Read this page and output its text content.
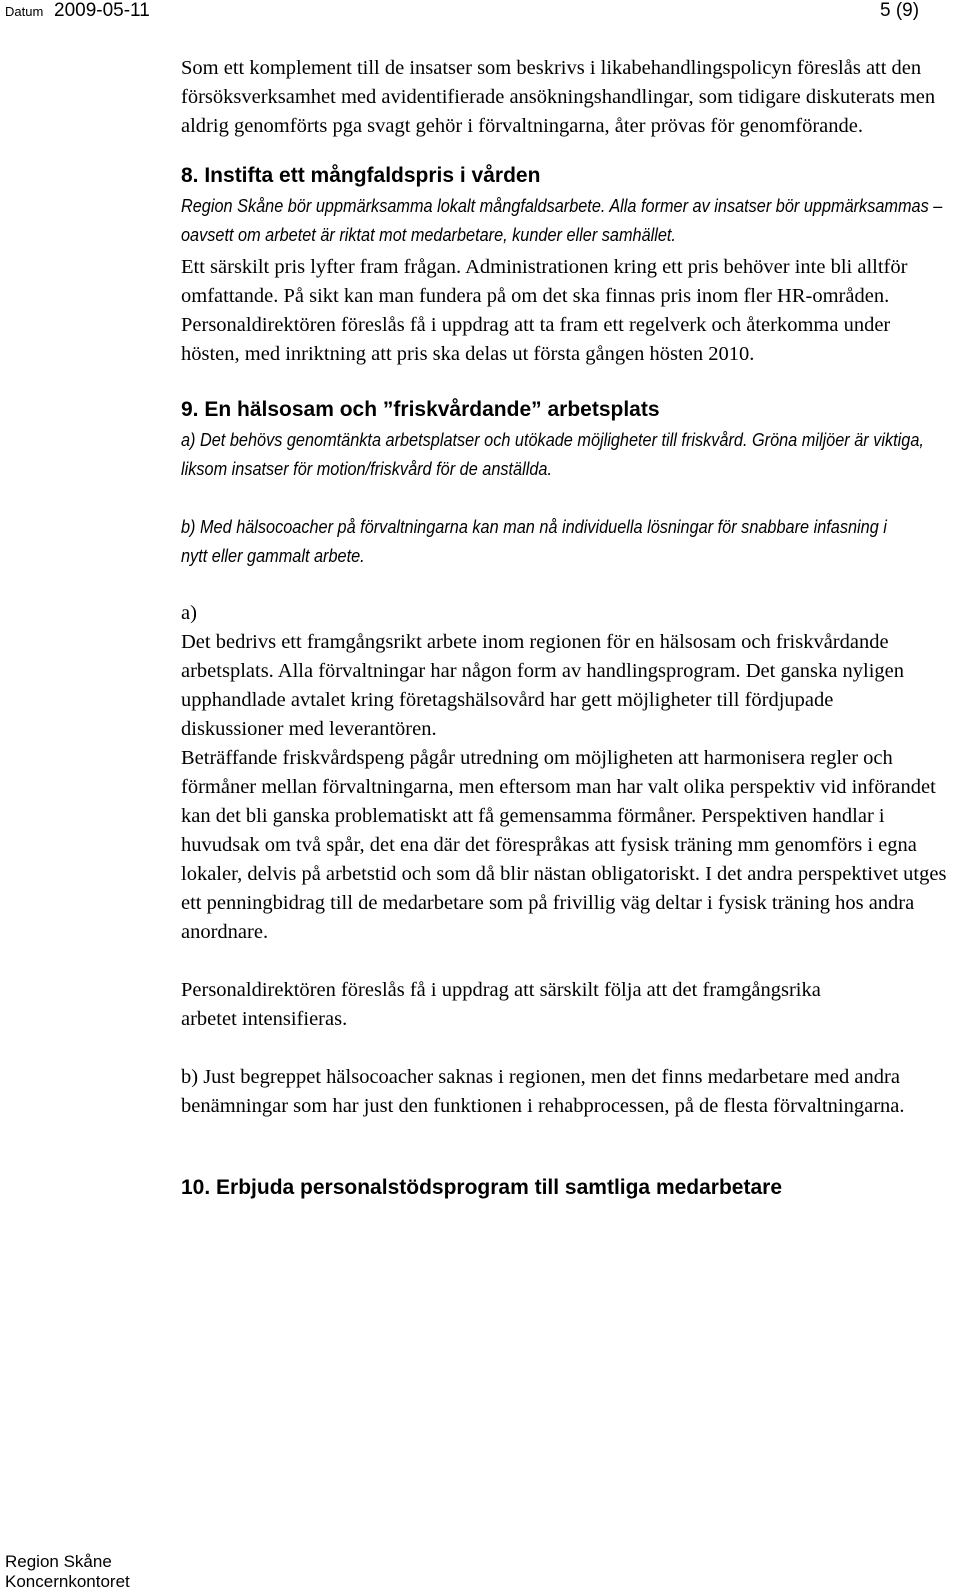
Datum 2009-05-11	5 (9)

Som ett komplement till de insatser som beskrivs i likabehandlingspolicyn föreslås att den försöksverksamhet med avidentifierade ansökningshandlingar, som tidigare diskuterats men aldrig genomförts pga svagt gehör i förvaltningarna, åter prövas för genomförande.

8. Instifta ett mångfaldspris i vården

Region Skåne bör uppmärksamma lokalt mångfaldsarbete. Alla former av insatser bör uppmärksammas – oavsett om arbetet är riktat mot medarbetare, kunder eller samhället.

Ett särskilt pris lyfter fram frågan. Administrationen kring ett pris behöver inte bli alltför omfattande. På sikt kan man fundera på om det ska finnas pris inom fler HR-områden.

Personaldirektören föreslås få i uppdrag att ta fram ett regelverk och återkomma under hösten, med inriktning att pris ska delas ut första gången hösten 2010.

9. En hälsosam och ”friskvårdande” arbetsplats

a) Det behövs genomtänkta arbetsplatser och utökade möjligheter till friskvård. Gröna miljöer är viktiga, liksom insatser för motion/friskvård för de anställda.

b) Med hälsocoacher på förvaltningarna kan man nå individuella lösningar för snabbare infasning i nytt eller gammalt arbete.

a)

Det bedrivs ett framgångsrikt arbete inom regionen för en hälsosam och friskvårdande arbetsplats. Alla förvaltningar har någon form av handlingsprogram. Det ganska nyligen upphandlade avtalet kring företagshälsovård har gett möjligheter till fördjupade diskussioner med leverantören.

Beträffande friskvårdspeng pågår utredning om möjligheten att harmonisera regler och förmåner mellan förvaltningarna, men eftersom man har valt olika perspektiv vid införandet kan det bli ganska problematiskt att få gemensamma förmåner. Perspektiven handlar i huvudsak om två spår, det ena där det förespråkas att fysisk träning mm genomförs i egna lokaler, delvis på arbetstid och som då blir nästan obligatoriskt. I det andra perspektivet utges ett penningbidrag till de medarbetare som på frivillig väg deltar i fysisk träning hos andra anordnare.

Personaldirektören föreslås få i uppdrag att särskilt följa att det framgångsrika arbetet intensifieras.

b) Just begreppet hälsocoacher saknas i regionen, men det finns medarbetare med andra benämningar som har just den funktionen i rehabprocessen, på de flesta förvaltningarna.

10. Erbjuda personalstödsprogram till samtliga medarbetare

Region Skåne
Koncernkontoret
